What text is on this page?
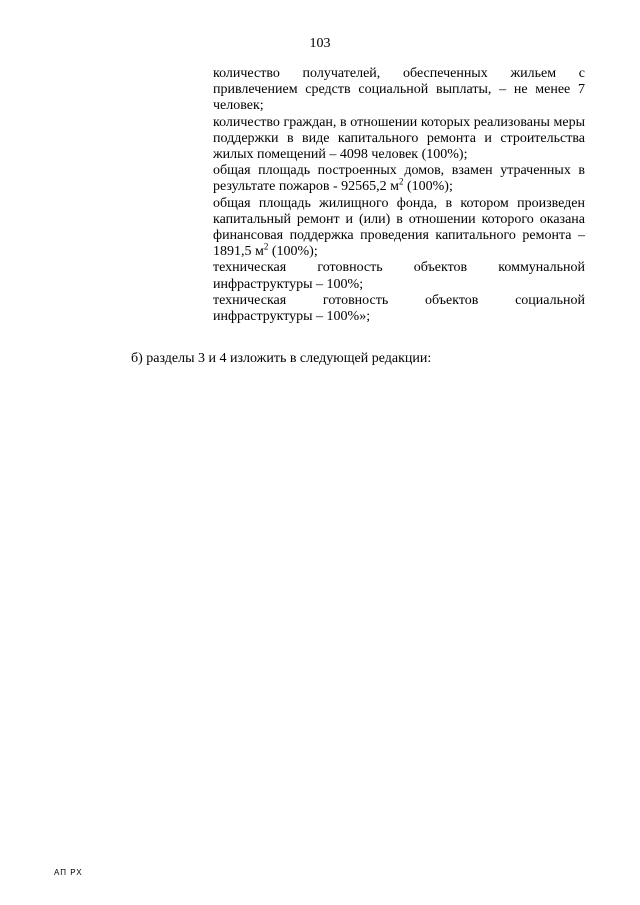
103

количество получателей, обеспеченных жильем с привлечением средств социальной выплаты, – не менее 7 человек;

количество граждан, в отношении которых реализованы меры поддержки в виде капитального ремонта и строительства жилых помещений – 4098 человек (100%);

общая площадь построенных домов, взамен утраченных в результате пожаров - 92565,2 $м^2$ (100%);

общая площадь жилищного фонда, в котором произведен капитальный ремонт и (или) в отношении которого оказана финансовая поддержка проведения капитального ремонта – 1891,5 $м^2$ (100%);

техническая готовность объектов коммунальной инфраструктуры – 100%;

техническая готовность объектов социальной инфраструктуры – 100%»;

б) разделы 3 и 4 изложить в следующей редакции:
АП РХ
